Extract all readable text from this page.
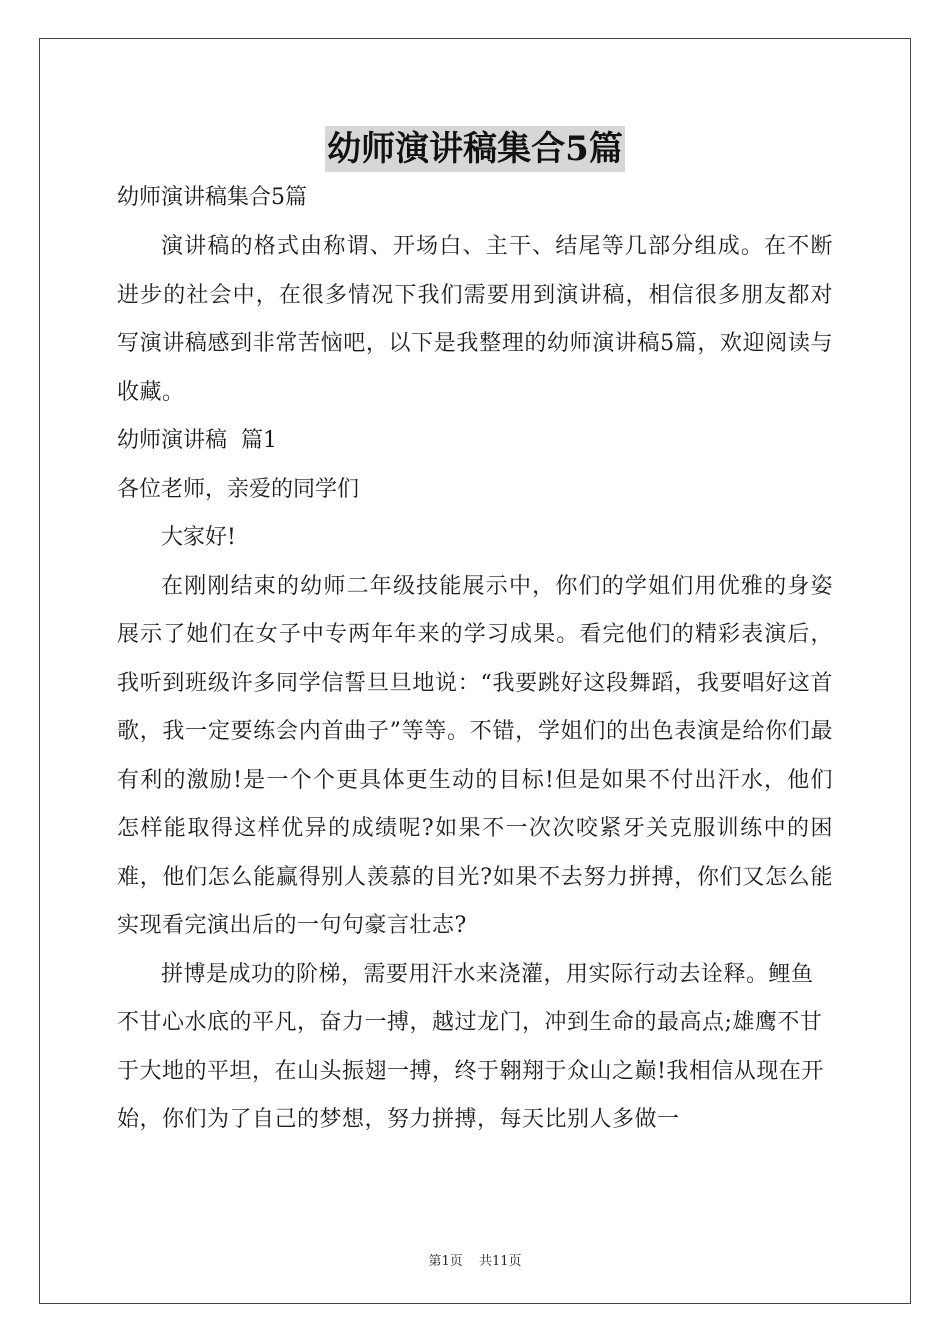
幼师演讲稿集合5篇

幼师演讲稿集合5篇

演讲稿的格式由称谓、开场白、主干、结尾等几部分组成。在不断进步的社会中，在很多情况下我们需要用到演讲稿，相信很多朋友都对写演讲稿感到非常苦恼吧，以下是我整理的幼师演讲稿5篇，欢迎阅读与收藏。

幼师演讲稿  篇1

各位老师，亲爱的同学们

大家好!

在刚刚结束的幼师二年级技能展示中，你们的学姐们用优雅的身姿展示了她们在女子中专两年年来的学习成果。看完他们的精彩表演后，我听到班级许多同学信誓旦旦地说：“我要跳好这段舞蹈，我要唱好这首歌，我一定要练会内首曲子”等等。不错，学姐们的出色表演是给你们最有利的激励!是一个个更具体更生动的目标!但是如果不付出汗水，他们怎样能取得这样优异的成绩呢?如果不一次次咬紧牙关克服训练中的困难，他们怎么能赢得别人羡慕的目光?如果不去努力拼搏，你们又怎么能实现看完演出后的一句句豪言壮志?

拼博是成功的阶梯，需要用汗水来浇灌，用实际行动去诠释。鲤鱼不甘心水底的平凡，奋力一搏，越过龙门，冲到生命的最高点;雄鹰不甘于大地的平坦，在山头振翅一搏，终于翱翔于众山之巅!我相信从现在开始，你们为了自己的梦想，努力拼搏，每天比别人多做一

第1页 共11页
